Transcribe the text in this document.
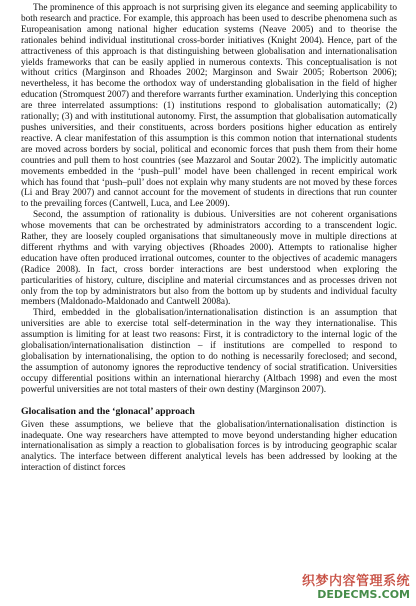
The prominence of this approach is not surprising given its elegance and seeming applicability to both research and practice. For example, this approach has been used to describe phenomena such as Europeanisation among national higher education systems (Neave 2005) and to theorise the rationales behind individual institutional cross-border initiatives (Knight 2004). Hence, part of the attractiveness of this approach is that distinguishing between globalisation and internationalisation yields frameworks that can be easily applied in numerous contexts. This conceptualisation is not without critics (Marginson and Rhoades 2002; Marginson and Swair 2005; Robertson 2006); nevertheless, it has become the orthodox way of understanding globalisation in the field of higher education (Stromquest 2007) and therefore warrants further examination. Underlying this conception are three interrelated assumptions: (1) institutions respond to globalisation automatically; (2) rationally; (3) and with institutional autonomy. First, the assumption that globalisation automatically pushes universities, and their constituents, across borders positions higher education as entirely reactive. A clear manifestation of this assumption is this common notion that international students are moved across borders by social, political and economic forces that push them from their home countries and pull them to host countries (see Mazzarol and Soutar 2002). The implicitly automatic movements embedded in the ‘push–pull’ model have been challenged in recent empirical work which has found that ‘push–pull’ does not explain why many students are not moved by these forces (Li and Bray 2007) and cannot account for the movement of students in directions that run counter to the prevailing forces (Cantwell, Luca, and Lee 2009).

Second, the assumption of rationality is dubious. Universities are not coherent organisations whose movements that can be orchestrated by administrators according to a transcendent logic. Rather, they are loosely coupled organisations that simultaneously move in multiple directions at different rhythms and with varying objectives (Rhoades 2000). Attempts to rationalise higher education have often produced irrational outcomes, counter to the objectives of academic managers (Radice 2008). In fact, cross border interactions are best understood when exploring the particularities of history, culture, discipline and material circumstances and as processes driven not only from the top by administrators but also from the bottom up by students and individual faculty members (Maldonado-Maldonado and Cantwell 2008a).

Third, embedded in the globalisation/internationalisation distinction is an assumption that universities are able to exercise total self-determination in the way they internationalise. This assumption is limiting for at least two reasons: First, it is contradictory to the internal logic of the globalisation/internationalisation distinction – if institutions are compelled to respond to globalisation by internationalising, the option to do nothing is necessarily foreclosed; and second, the assumption of autonomy ignores the reproductive tendency of social stratification. Universities occupy differential positions within an international hierarchy (Altbach 1998) and even the most powerful universities are not total masters of their own destiny (Marginson 2007).

Glocalisation and the ‘glonacal’ approach

Given these assumptions, we believe that the globalisation/internationalisation distinction is inadequate. One way researchers have attempted to move beyond understanding higher education internationalisation as simply a reaction to globalisation forces is by introducing geographic scalar analytics. The interface between different analytical levels has been addressed by looking at the interaction of distinct forces

织梦内容管理系统
DEDECMS.COM
